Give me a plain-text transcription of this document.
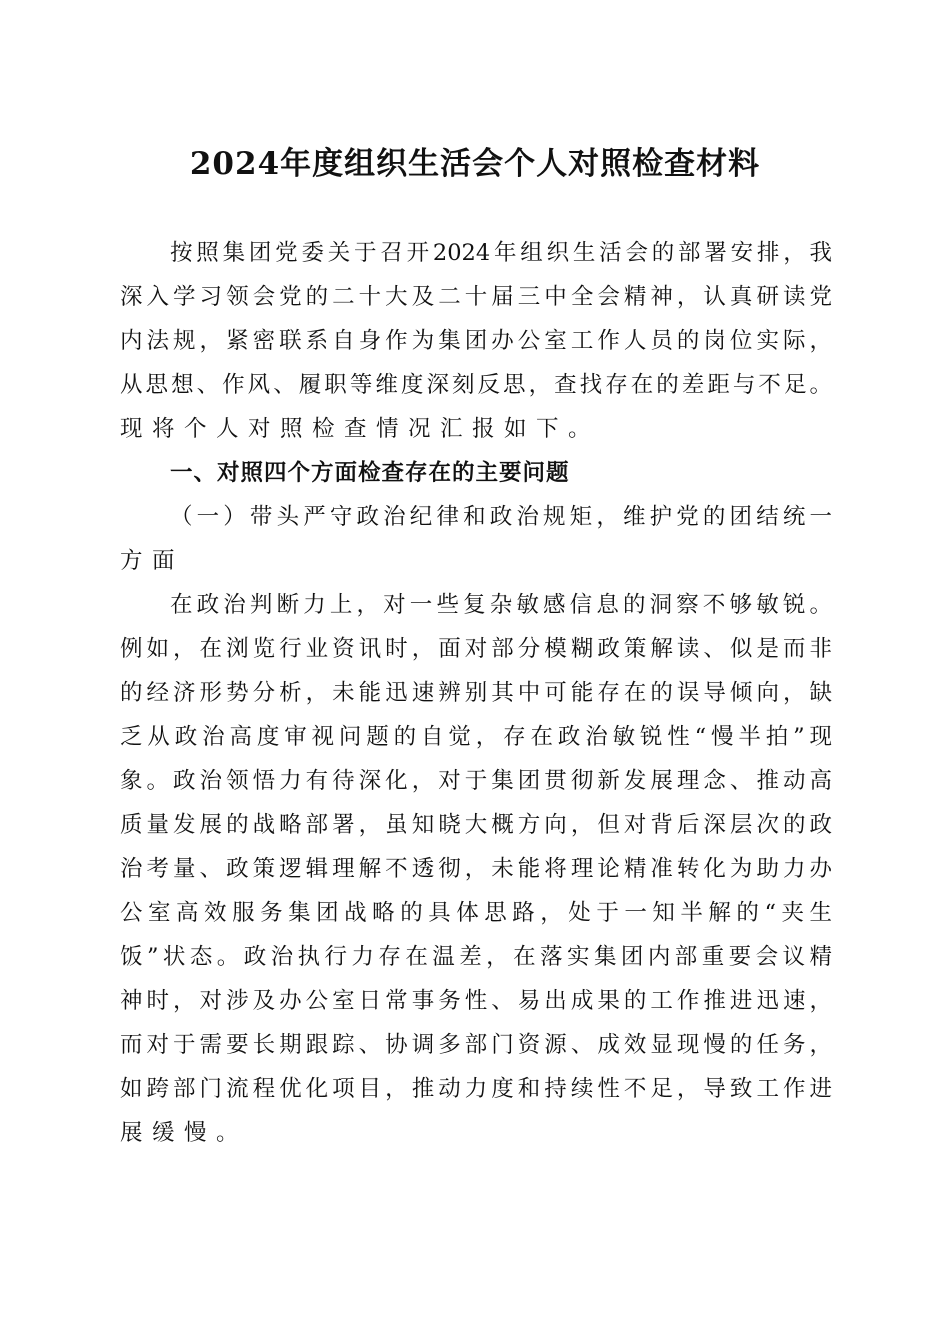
2024年度组织生活会个人对照检查材料
按照集团党委关于召开2024年组织生活会的部署安排，我
深入学习领会党的二十大及二十届三中全会精神，认真研读党
内法规，紧密联系自身作为集团办公室工作人员的岗位实际，
从思想、作风、履职等维度深刻反思，查找存在的差距与不足。
现将个人对照检查情况汇报如下。
一、对照四个方面检查存在的主要问题
（一）带头严守政治纪律和政治规矩，维护党的团结统一
方面
在政治判断力上，对一些复杂敏感信息的洞察不够敏锐。
例如，在浏览行业资讯时，面对部分模糊政策解读、似是而非
的经济形势分析，未能迅速辨别其中可能存在的误导倾向，缺
乏从政治高度审视问题的自觉，存在政治敏锐性“慢半拍”现
象。政治领悟力有待深化，对于集团贯彻新发展理念、推动高
质量发展的战略部署，虽知晓大概方向，但对背后深层次的政
治考量、政策逻辑理解不透彻，未能将理论精准转化为助力办
公室高效服务集团战略的具体思路，处于一知半解的“夹生
饭”状态。政治执行力存在温差，在落实集团内部重要会议精
神时，对涉及办公室日常事务性、易出成果的工作推进迅速，
而对于需要长期跟踪、协调多部门资源、成效显现慢的任务，
如跨部门流程优化项目，推动力度和持续性不足，导致工作进
展缓慢。
